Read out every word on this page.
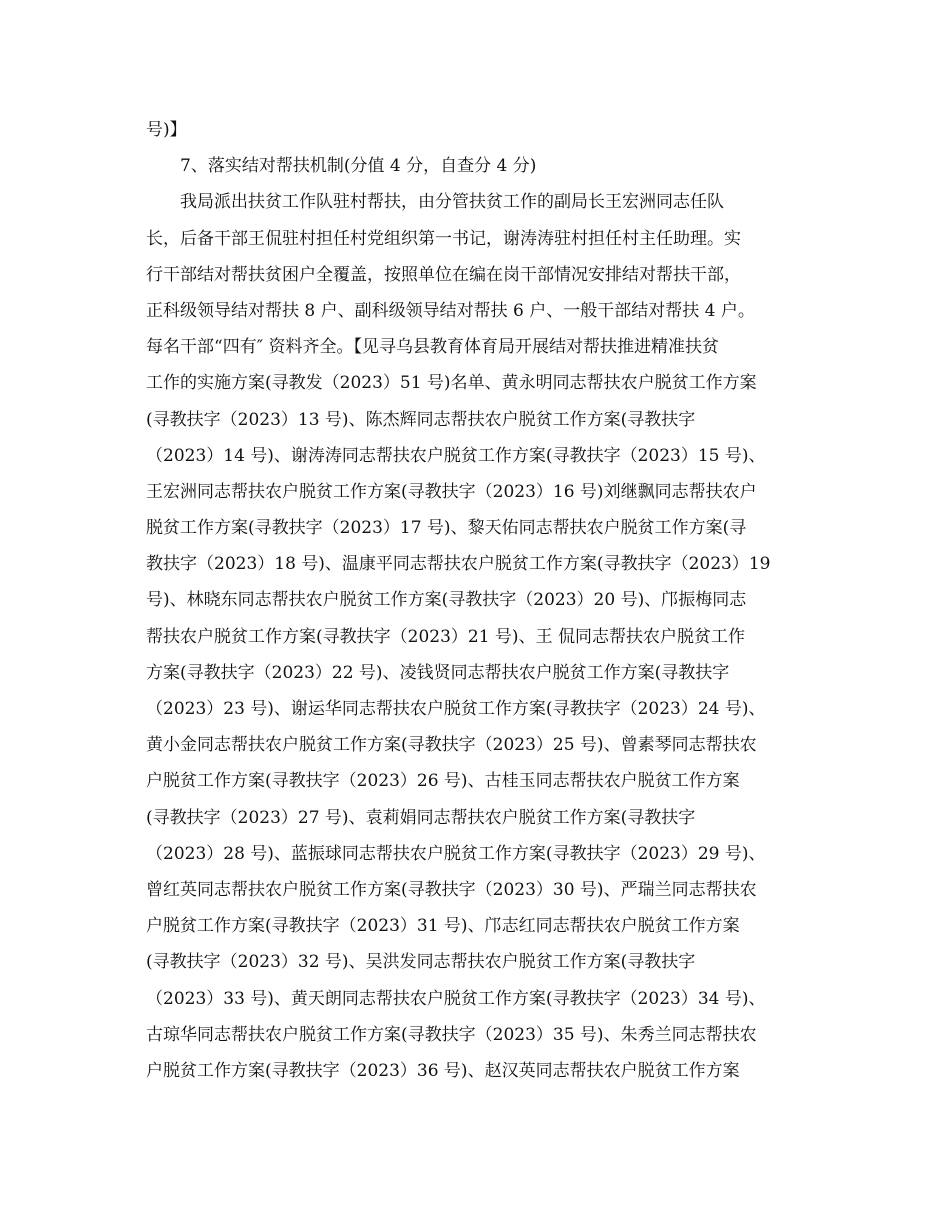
号)】
7、落实结对帮扶机制(分值 4 分，自查分 4 分)
我局派出扶贫工作队驻村帮扶，由分管扶贫工作的副局长王宏洲同志任队
长，后备干部王侃驻村担任村党组织第一书记，谢涛涛驻村担任村主任助理。实
行干部结对帮扶贫困户全覆盖，按照单位在编在岗干部情况安排结对帮扶干部，
正科级领导结对帮扶 8 户、副科级领导结对帮扶 6 户、一般干部结对帮扶 4 户。
每名干部“四有″ 资料齐全。【见寻乌县教育体育局开展结对帮扶推进精准扶贫
工作的实施方案(寻教发（2023）51 号)名单、黄永明同志帮扶农户脱贫工作方案
(寻教扶字（2023）13 号)、陈杰辉同志帮扶农户脱贫工作方案(寻教扶字
（2023）14 号)、谢涛涛同志帮扶农户脱贫工作方案(寻教扶字（2023）15 号)、
王宏洲同志帮扶农户脱贫工作方案(寻教扶字（2023）16 号)刘继飘同志帮扶农户
脱贫工作方案(寻教扶字（2023）17 号)、黎天佑同志帮扶农户脱贫工作方案(寻
教扶字（2023）18 号)、温康平同志帮扶农户脱贫工作方案(寻教扶字（2023）19
号)、林晓东同志帮扶农户脱贫工作方案(寻教扶字（2023）20 号)、邝振梅同志
帮扶农户脱贫工作方案(寻教扶字（2023）21 号)、王 侃同志帮扶农户脱贫工作
方案(寻教扶字（2023）22 号)、凌钱贤同志帮扶农户脱贫工作方案(寻教扶字
（2023）23 号)、谢运华同志帮扶农户脱贫工作方案(寻教扶字（2023）24 号)、
黄小金同志帮扶农户脱贫工作方案(寻教扶字（2023）25 号)、曾素琴同志帮扶农
户脱贫工作方案(寻教扶字（2023）26 号)、古桂玉同志帮扶农户脱贫工作方案
(寻教扶字（2023）27 号)、袁莉娟同志帮扶农户脱贫工作方案(寻教扶字
（2023）28 号)、蓝振球同志帮扶农户脱贫工作方案(寻教扶字（2023）29 号)、
曾红英同志帮扶农户脱贫工作方案(寻教扶字（2023）30 号)、严瑞兰同志帮扶农
户脱贫工作方案(寻教扶字（2023）31 号)、邝志红同志帮扶农户脱贫工作方案
(寻教扶字（2023）32 号)、吴洪发同志帮扶农户脱贫工作方案(寻教扶字
（2023）33 号)、黄天朗同志帮扶农户脱贫工作方案(寻教扶字（2023）34 号)、
古琼华同志帮扶农户脱贫工作方案(寻教扶字（2023）35 号)、朱秀兰同志帮扶农
户脱贫工作方案(寻教扶字（2023）36 号)、赵汉英同志帮扶农户脱贫工作方案
